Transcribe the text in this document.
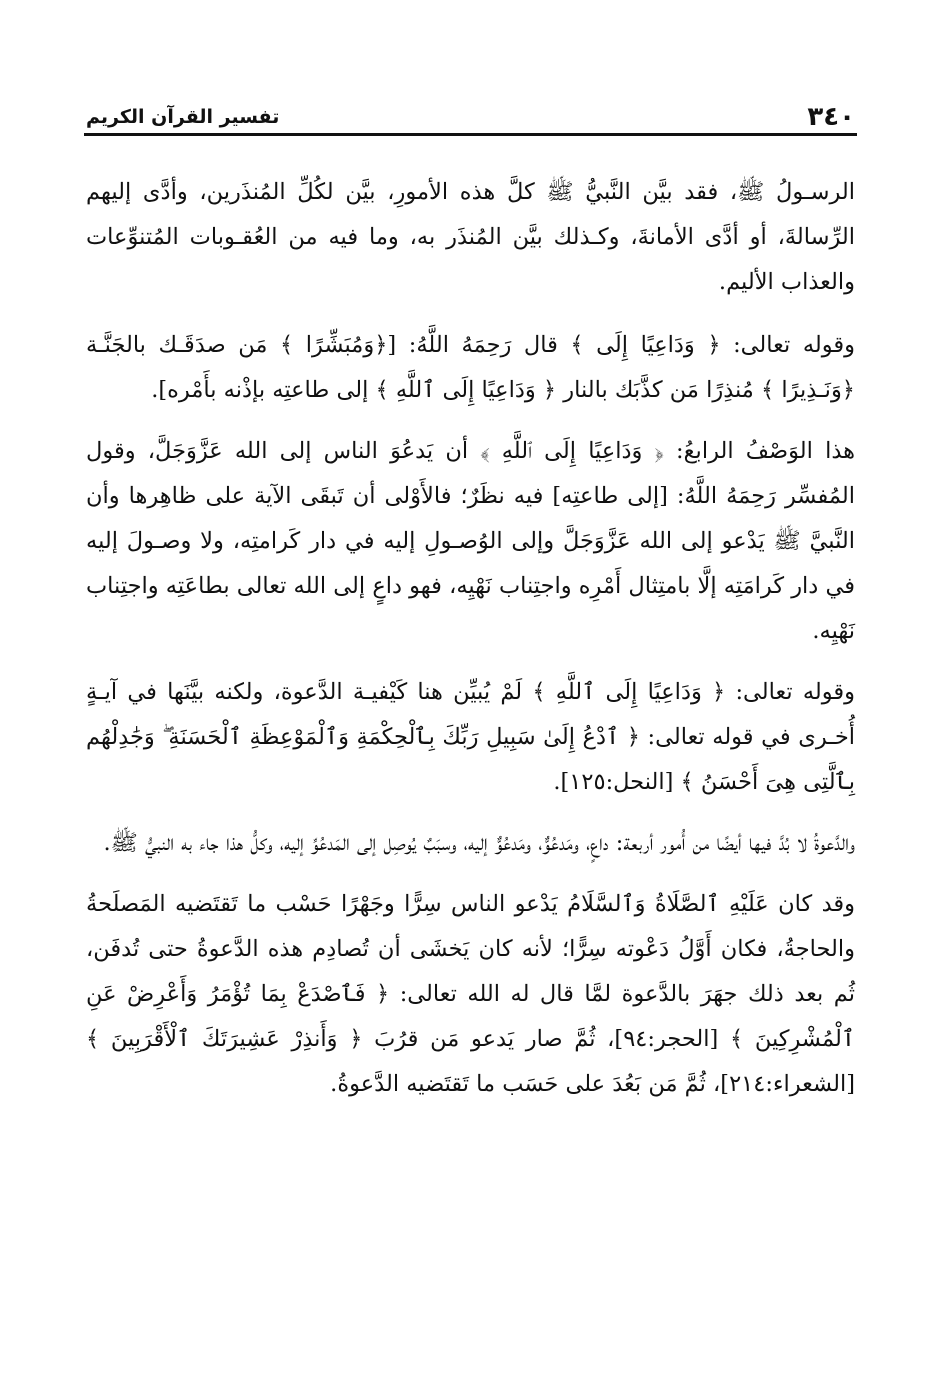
٣٤٠
تفسير القرآن الكريم

الرسـولُ ﷺ، فقد بيَّن النَّبيُّ ﷺ كلَّ هذه الأمورِ، بيَّن لكُلِّ المُنذَرين، وأدَّى إليهم الرِّسالةَ، أو أدَّى الأمانةَ، وكـذلك بيَّن المُنذَر به، وما فيه من العُقـوبات المُتنوِّعات والعذاب الأليم.

وقوله تعالى: ﴿ وَدَاعِيًا إِلَى ﴾ قال رَحِمَهُ اللَّهُ: [﴿وَمُبَشِّرًا ﴾ مَن صدَقَـك بالجَنَّـة ﴿وَنَـذِيرًا ﴾ مُنذِرًا مَن كذَّبَك بالنار ﴿ وَدَاعِيًا إِلَى ٱللَّهِ ﴾ إلى طاعتِه بإذْنه بأَمْره].

هذا الوَصْفُ الرابعُ: ﴿ وَدَاعِيًا إِلَى ٱللَّهِ ﴾ أن يَدعُوَ الناس إلى الله عَزَّوَجَلَّ، وقول المُفسِّر رَحِمَهُ اللَّهُ: [إلى طاعتِه] فيه نظَرٌ؛ فالأَوْلى أن تَبقَى الآية على ظاهِرها وأن النَّبيَّ ﷺ يَدْعو إلى الله عَزَّوَجَلَّ وإلى الوُصـولِ إليه في دار كَرامتِه، ولا وصـولَ إليه في دار كَرامَتِه إلَّا بامتِثال أَمْرِه واجتِناب نَهْيِه، فهو داعٍ إلى الله تعالى بطاعَتِه واجتِناب نَهْيِه.

وقوله تعالى: ﴿ وَدَاعِيًا إِلَى ٱللَّهِ ﴾ لَمْ يُبيِّن هنا كَيْفيـة الدَّعوة، ولكنه بيَّنَها في آيـةٍ أُخـرى في قوله تعالى: ﴿ ٱدْعُ إِلَىٰ سَبِيلِ رَبِّكَ بِٱلْحِكْمَةِ وَٱلْمَوْعِظَةِ ٱلْحَسَنَةِ ۖ وَجَٰدِلْهُم بِٱلَّتِى هِىَ أَحْسَنُ ﴾ [النحل:١٢٥].

والدَّعوةُ لا بُدَّ فيها أيضًا من أُمور أربعة: داعٍ، ومَدعُوٌّ، ومَدعُوٌّ إليه، وسبَبٌ يُوصِل إلى المَدعُوِّ إليه، وكلُّ هذا جاء به النبيُّ ﷺ.

وقد كان عَلَيْهِ ٱلصَّلَاةُ وَٱلسَّلَامُ يَدْعو الناس سِرًّا وجَهْرًا حَسْب ما تَقتَضيه المَصلَحةُ والحاجةُ، فكان أَوَّلُ دَعْوته سِرًّا؛ لأنه كان يَخشَى أن تُصادِم هذه الدَّعوةُ حتى تُدفَن، ثُم بعد ذلك جهَرَ بالدَّعوة لمَّا قال له الله تعالى: ﴿ فَٱصْدَعْ بِمَا تُؤْمَرُ وَأَعْرِضْ عَنِ ٱلْمُشْرِكِينَ ﴾ [الحجر:٩٤]، ثُمَّ صار يَدعو مَن قرُبَ ﴿ وَأَنذِرْ عَشِيرَتَكَ ٱلْأَقْرَبِينَ ﴾ [الشعراء:٢١٤]، ثُمَّ مَن بَعُدَ على حَسَب ما تَقتَضيه الدَّعوةُ.
